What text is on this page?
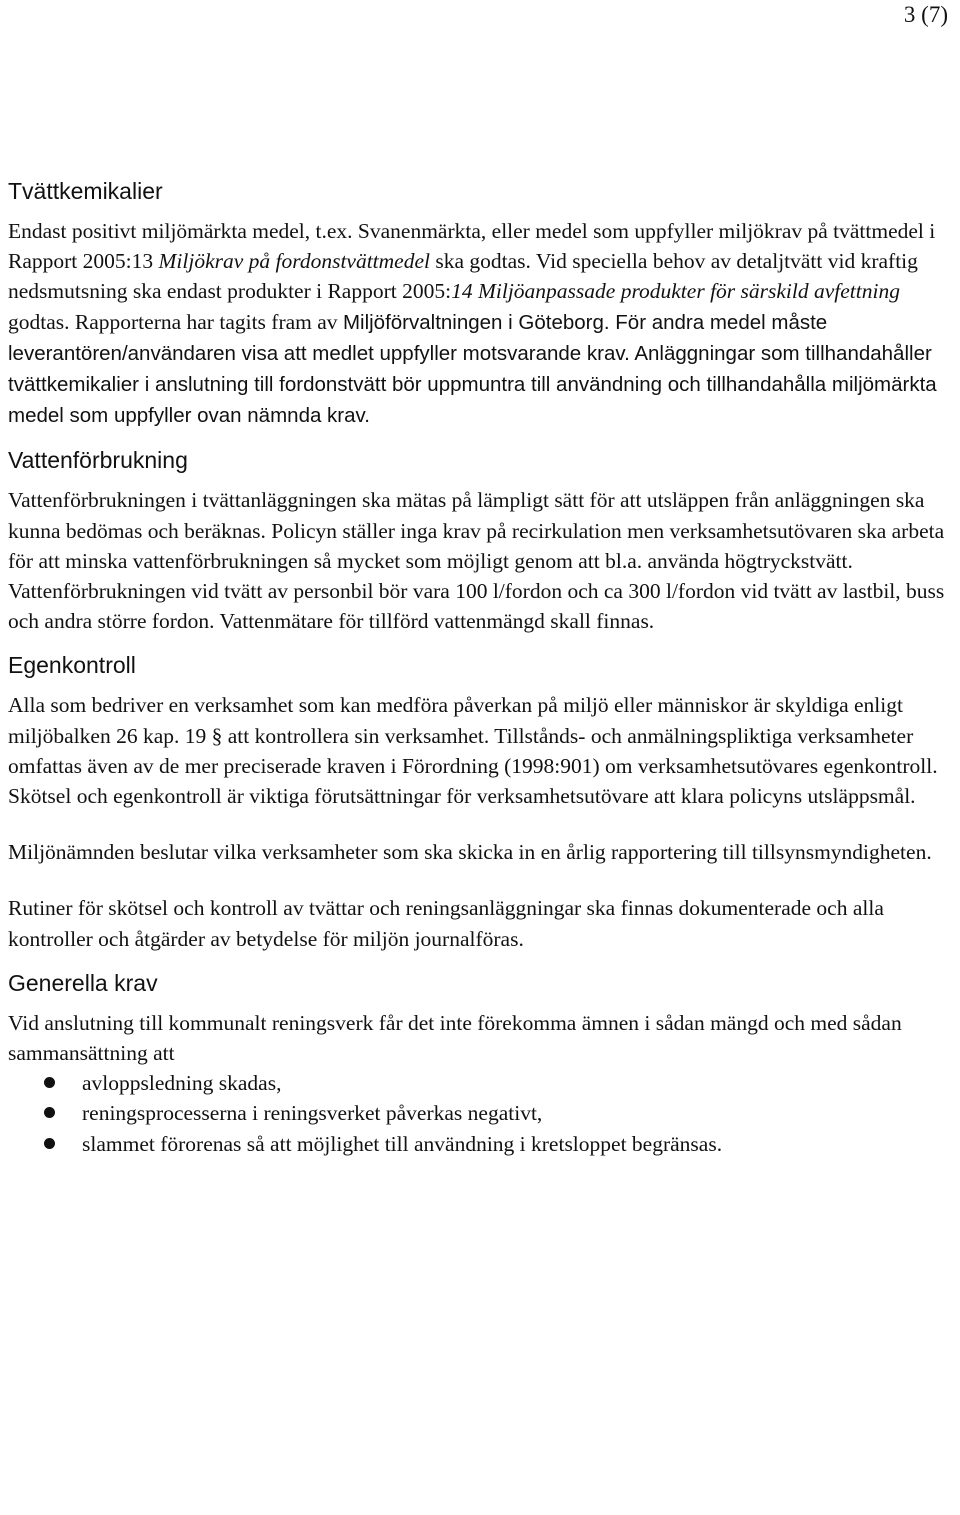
3 (7)
Tvättkemikalier

Endast positivt miljömärkta medel, t.ex. Svanenmärkta, eller medel som uppfyller miljökrav på tvättmedel i Rapport 2005:13 Miljökrav på fordonstvättmedel ska godtas. Vid speciella behov av detaljtvätt vid kraftig nedsmutsning ska endast produkter i Rapport 2005:14 Miljöanpassade produkter för särskild avfettning godtas. Rapporterna har tagits fram av Miljöförvaltningen i Göteborg. För andra medel måste leverantören/användaren visa att medlet uppfyller motsvarande krav. Anläggningar som tillhandahåller tvättkemikalier i anslutning till fordonstvätt bör uppmuntra till användning och tillhandahålla miljömärkta medel som uppfyller ovan nämnda krav.

Vattenförbrukning

Vattenförbrukningen i tvättanläggningen ska mätas på lämpligt sätt för att utsläppen från anläggningen ska kunna bedömas och beräknas. Policyn ställer inga krav på recirkulation men verksamhetsutövaren ska arbeta för att minska vattenförbrukningen så mycket som möjligt genom att bl.a. använda högtryckstvätt. Vattenförbrukningen vid tvätt av personbil bör vara 100 l/fordon och ca 300 l/fordon vid tvätt av lastbil, buss och andra större fordon. Vattenmätare för tillförd vattenmängd skall finnas.

Egenkontroll

Alla som bedriver en verksamhet som kan medföra påverkan på miljö eller människor är skyldiga enligt miljöbalken 26 kap. 19 § att kontrollera sin verksamhet. Tillstånds- och anmälningspliktiga verksamheter omfattas även av de mer preciserade kraven i Förordning (1998:901) om verksamhetsutövares egenkontroll. Skötsel och egenkontroll är viktiga förutsättningar för verksamhetsutövare att klara policyns utsläppsmål.

Miljönämnden beslutar vilka verksamheter som ska skicka in en årlig rapportering till tillsynsmyndigheten.

Rutiner för skötsel och kontroll av tvättar och reningsanläggningar ska finnas dokumenterade och alla kontroller och åtgärder av betydelse för miljön journalföras.

Generella krav

Vid anslutning till kommunalt reningsverk får det inte förekomma ämnen i sådan mängd och med sådan sammansättning att

avloppsledning skadas,
reningsprocesserna i reningsverket påverkas negativt,
slammet förorenas så att möjlighet till användning i kretsloppet begränsas.
